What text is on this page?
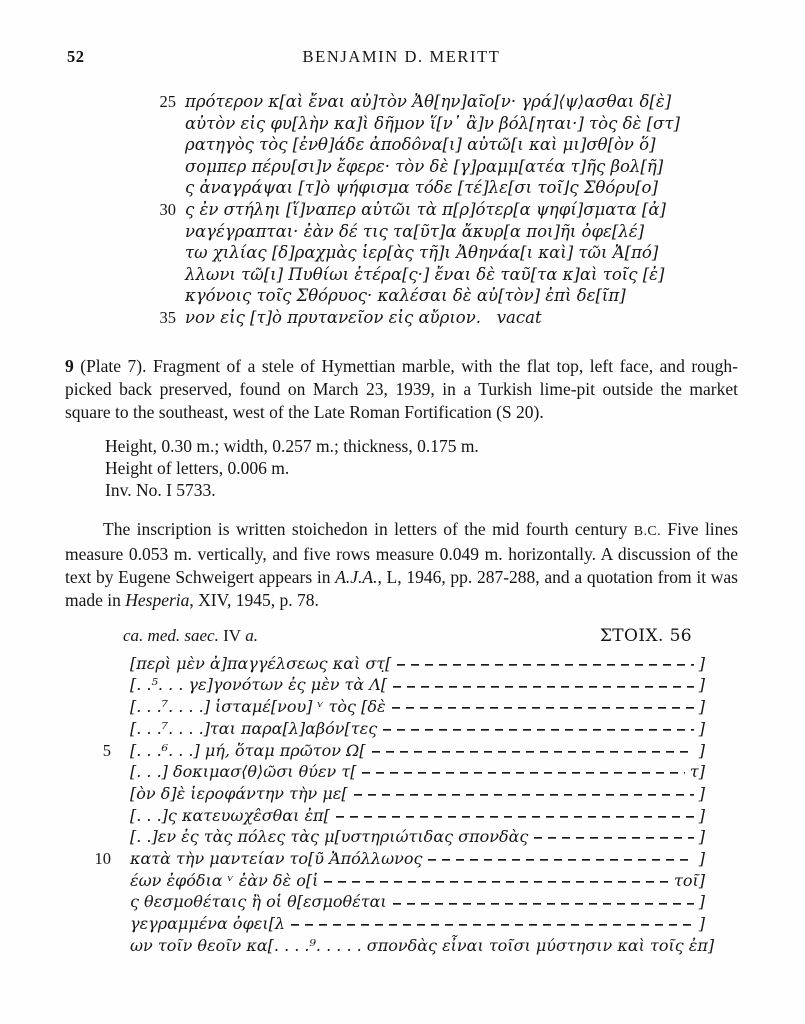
52	BENJAMIN D. MERITT
25 πρότερον κ[αὶ ἔναι αὐ]τὸν Ἀθ[ην]αῖο[ν· γρά]⟨ψ⟩ασθαι δ[ὲ]
αὐτὸν εἰς φυ[λὴν κα]ὶ δῆμον ἵ[ν᾽ ἂ]ν βόλ[ηται·] τὸς δὲ [στ]
ρατηγὸς τὸς [ἐνθ]άδε ἀποδο̂να[ι] αὐτῶ[ι καὶ μι]σθ[ὸν ὅ]
σομπερ πέρυ[σι]ν ἔφερε· τὸν δὲ [γ]ραμμ[ατέα τ]ῆς βολ[ῆ]
ς ἀναγράψαι [τ]ὸ ψήφισμα τόδε [τέ]λε[σι τοῖ⌋ς Σθόρυ[ο]
30 ς ἐν στήληι [ἵ]ναπερ αὐτῶι τὰ π[ρ]ότερ[α ψηφί]σματα [ἀ]
ναγέγραπται· ἐὰν δέ τις τα[ῦτ]α ἄκυρ[α ποι]ῆι ὀφε[λέ]
τω χιλίας [δ]ραχμὰς ἱερ[ὰς τῆ]ι Ἀθηνάα[ι καὶ] τῶι Ἀ[πό]
λλωνι τῶ[ι] Πυθίωι ἑτέρα[ς·] ἔναι δὲ ταῦ[τα κ]αὶ τοῖς [ἐ]
κγόνοις τοῖς Σθόρυος· καλέσαι δὲ αὐ[τὸν] ἐπὶ δε[ῖπ]
35 νον εἰς [τ]ὸ πρυτανεῖον εἰς αὔριον.   vacat

9 (Plate 7). Fragment of a stele of Hymettian marble, with the flat top, left face, and rough-picked back preserved, found on March 23, 1939, in a Turkish lime-pit outside the market square to the southeast, west of the Late Roman Fortification (S 20).

Height, 0.30 m.; width, 0.257 m.; thickness, 0.175 m.
Height of letters, 0.006 m.
Inv. No. I 5733.

The inscription is written stoichedon in letters of the mid fourth century B.C. Five lines measure 0.053 m. vertically, and five rows measure 0.049 m. horizontally. A discussion of the text by Eugene Schweigert appears in A.J.A., L, 1946, pp. 287-288, and a quotation from it was made in Hesperia, XIV, 1945, p. 78.

ca. med. saec. IV a.	ΣΤΟΙΧ. 56
[περὶ μὲν ἀ]παγγέλσεως καὶ στ̣[	]
[. .⁵. . . γε]γονότων ἐς μὲν τὰ Λ[	]
[. . .⁷. . . .] ἱσταμέ[νου] ᵛ τὸς [δὲ	]
[. . .⁷. . . .]ται παρα[λ]αβόν[τες	]
5 [. . .⁶. . .] μή, ὅταμ πρῶτον Ω[	]
[. . .] δοκιμασ⟨θ⟩ῶσι θύεν τ[	τ]
[ὸν δ]ὲ ἱεροφάντην τὴν με[	]
[. . .]ς κατευωχε̂σθαι ἐπ[	]
[. .]εν ἐς τὰς πόλες τὰς μ[υστηριώτιδας σπονδὰς	]
10 κατὰ τὴν μαντείαν το[ῦ Ἀπόλλωνος	]
έων ἐφόδια ᵛ ἐὰν δὲ ο[ἱ	τοῖ]
ς θεσμοθέταις ἢ οἱ θ[εσμοθέται	]
γεγραμμένα ὀφει[λ	]
ων τοῖν θεοῖν κα[. . . .⁹. . . . . σπονδὰς εἶναι τοῖσι μύστησιν καὶ τοῖς ἐπ]
